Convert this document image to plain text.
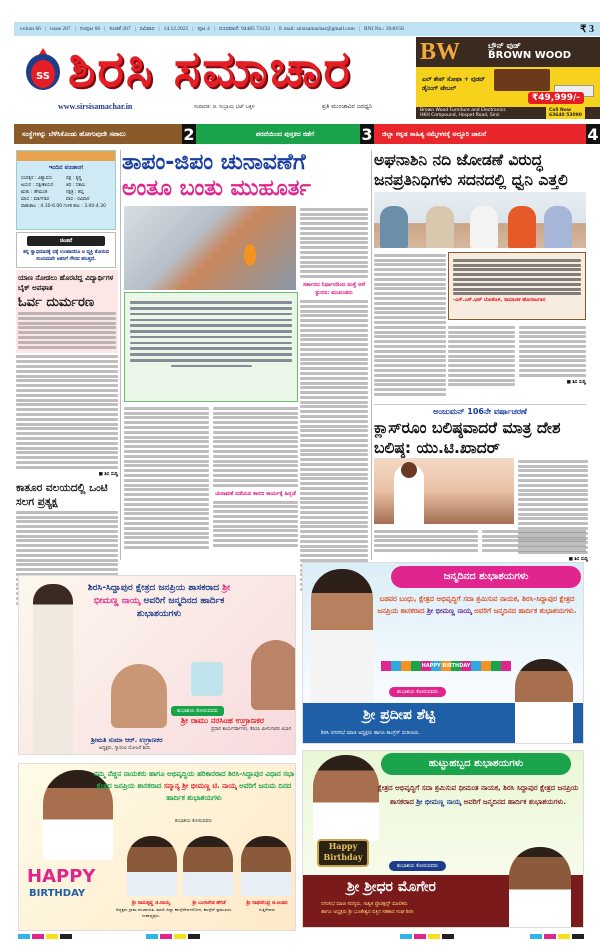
volum 66 | issue 287 | ಸಂಪುಟ 66 | ಸಂಚಿಕೆ 287 | ರವಿವಾರ | 14.12.2025 | ಪುಟ 4 | ದೂರವಾಣಿ: 94485 73133 | E mail: sirsisamachar@gmail.com | RNI No.: 3940/58	₹ 3
SS ಶಿರಸಿ ಸಮಾಚಾರ
www.sirsisamachar.in	ಸಂಪಾದಕ: ಜಿ. ಸುಬ್ರಾಯ ಭಟ್ ಬಕ್ಕಳ	ಪ್ರತಿ ಮುಂಜಾವಿನ ಜನಧ್ವನಿ
BW	ಬ್ರೌನ್ ವುಡ್
BROWN WOOD
ಎಲ್ ಶೇಪ್ ಸೋಫಾ + ವುಡನ್ ಡೈನಿಂಗ್ ಟೇಬಲ್
₹49,999/-
Brown Wood Furniture and Electronics
HKH Compound, Hospet Road, Sirsi
Call Now
63640 53090
ಸಂಸ್ಥೆಗಳನ್ನು ಬೆಳೆಸಿಕೊಂಡು ಹೋಗುವುದೇ ಸವಾಲು	2	ಪರದೆಯಿಂದ ಪುಸ್ತಕದ ಕಡೆಗೆ	3 ಜಿಲ್ಲಾ ಕನ್ನಡ ಸಾಹಿತ್ಯ ಸಮ್ಮೇಳನಕ್ಕೆ ಅದ್ದೂರಿ ಚಾಲನೆ	4
ಇಂದಿನ ಪಂಚಾಂಗ
ಸಂವತ್ಸರ : ವಿಶ್ವಾವಸು	ಪಕ್ಷ : ಕೃಷ್ಣ
ಅಯನ : ದಕ್ಷಿಣಾಯನ	ತಿಥಿ : ದಶಮಿ
ಋತು : ಹೇಮಂತ	ನಕ್ಷತ್ರ : ಹಸ್ತ
ಮಾಸ : ಮಾರ್ಗಶಿರ	ವಾರ : ರವಿವಾರ
ರಾಹುಕಾಲ : 4.30-6.00 ಗುಳಿಕ ಕಾಲ : 3.00-4.30
ಚಿಂತನೆ
ತನ್ನ ಸ್ವಾಭಿಮಾನಕ್ಕೆ ಧಕ್ಕೆ ಉಂಟಾದರೂ ಆ ವ್ಯಕ್ತಿ ತೋರುವ ಸಂಯಮವೇ ಆತನಿಗೆ ಗೌರವ ತರುತ್ತದೆ.
ಯಾಣ ನೋಡಲು ಹೊರಟಿದ್ದ ವಿದ್ಯಾರ್ಥಿಗಳ ಬೈಕ್ ಅಪಘಾತ
ಓರ್ವ ದುರ್ಮರಣ
■ ಶಿಸ ಸುದ್ದಿ
ಕಾತೂರ ವಲಯದಲ್ಲಿ ಒಂಟಿ ಸಲಗ ಪ್ರತ್ಯಕ್ಷ
ತಾಪಂ-ಜಿಪಂ ಚುನಾವಣೆಗೆ
ಅಂತೂ ಬಂತು ಮುಹೂರ್ತ
ಸರ್ಕಾರದ ನಿರ್ಧಾರದಿಂದ ಮತ್ತೆ ಆಸೆ ಸ್ಫುರಣ: ಮುಖಂಡರು
ಚುನಾವಣೆ ನಡೆಯದ ಕಾರಣ ಕಾರ್ಯಕ್ಕೆ ಹಿನ್ನಡೆ
ಅಘನಾಶಿನಿ ನದಿ ಜೋಡಣೆ ವಿರುದ್ಧ ಜನಪ್ರತಿನಿಧಿಗಳು ಸದನದಲ್ಲಿ ಧ್ವನಿ ಎತ್ತಲಿ
-ಎಸ್.ಎಸ್.ಭಟ್ ಲೋಕೊಳಿ, ಸಾಮಾಜಿಕ ಹೋರಾಟಗಾರ
■ ಶಿಸ ಸುದ್ದಿ
ಅಂಜುಮನ್ 106ನೇ ವರ್ಷಾಚರಣೆ
ಕ್ಲಾಸ್‌ರೂಂ ಬಲಿಷ್ಠವಾದರೆ ಮಾತ್ರ ದೇಶ ಬಲಿಷ್ಠ: ಯು.ಟಿ.ಖಾದರ್
■ ಶಿಸ ಸುದ್ದಿ
ಶಿರಸಿ-ಸಿದ್ದಾಪುರ ಕ್ಷೇತ್ರದ ಜನಪ್ರಿಯ ಶಾಸಕರಾದ ಶ್ರೀ ಭೀಮಣ್ಣ ನಾಯ್ಕ ಅವರಿಗೆ ಜನ್ಮದಿನದ ಹಾರ್ದಿಕ ಶುಭಾಶಯಗಳು
ಶುಭಾಶಯ ಕೋರುವವರು
ಶ್ರೀ ರಾಮು ನರಸಿಂಹ ಉಗ್ರಾಣಕರ
ಪ್ರಧಾನ ಕಾರ್ಯದರ್ಶಿಗಳು, ಕೆಪಿಸಿಸಿ ಮೀನುಗಾರರ ವಿಭಾಗ
ಶ್ರೀಮತಿ ಸುಮಾ ಆರ್. ಉಗ್ರಾಣಕರ
ಅಧ್ಯಕ್ಷರು, ಗ್ಯಾರಂಟಿ ಯೋಜನೆ ಶಿರಸಿ
ಜನ್ಮದಿನದ ಶುಭಾಶಯಗಳು
ಬಡವರ ಬಂಧು, ಕ್ಷೇತ್ರದ ಅಭಿವೃದ್ಧಿಗೆ ಸದಾ ಶ್ರಮಿಸುವ ನಾಯಕ, ಶಿರಸಿ-ಸಿದ್ದಾಪುರ ಕ್ಷೇತ್ರದ ಜನಪ್ರಿಯ ಶಾಸಕರಾದ ಶ್ರೀ ಭೀಮಣ್ಣ ನಾಯ್ಕ ಅವರಿಗೆ ಜನ್ಮದಿನದ ಹಾರ್ದಿಕ ಶುಭಾಶಯಗಳು.
HAPPY BIRTHDAY
ಶುಭಾಶಯ ಕೋರುವವರು
ಶ್ರೀ ಪ್ರದೀಪ ಶೆಟ್ಟಿ
ಶಿರಸಿ ನಗರಸಭೆ ಮಾಜಿ ಅಧ್ಯಕ್ಷರು ಹಾಗೂ ಕಾಂಗ್ರೆಸ್ ಧುರೀಣರು.
ನಮ್ಮ ನೆಚ್ಚಿನ ನಾಯಕರು ಹಾಗೂ ಅಭಿವೃದ್ಧಿಯ ಹರಿಕಾರರಾದ ಶಿರಸಿ-ಸಿದ್ದಾಪುರ ವಿಧಾನ ಸಭಾ ಕ್ಷೇತ್ರದ ಜನಪ್ರಿಯ ಶಾಸಕರಾದ ಸನ್ಮಾನ್ಯ ಶ್ರೀ ಭೀಮಣ್ಣ ಟಿ. ನಾಯ್ಕ ಅವರಿಗೆ ಜನುಮ ದಿನದ ಹಾರ್ದಿಕ ಶುಭಾಶಯಗಳು
ಶುಭಾಶಯ ಕೋರುವವರು
HAPPY
BIRTHDAY
ಶ್ರೀ ರಾಮಕೃಷ್ಣ ಜಿ.ನಾಯ್ಕ
ಅಧ್ಯಕ್ಷರು ಗ್ರಾಮ ಪಂಚಾಯತ, ಮಾಜಿ ಜಿಲ್ಲಾ ಕಾಂಗ್ರೆಸ್ ಉಪಾಧ್ಯಕ್ಷರು.
ಶ್ರೀ ಬಂಗಾರೇಶ ಹೆಗಡೆ
ಬಾಳಗೋದ, ಕಾಂಗ್ರೆಸ್ ಪ್ರಮುಖರು.
ಶ್ರೀ ರಾಘವೇಂದ್ರ ಜಿ.ಆಚಾರಿ
ಗುತ್ತಿಗೆದಾರು
ಹುಟ್ಟುಹಬ್ಬದ ಶುಭಾಶಯಗಳು
ಕ್ಷೇತ್ರದ ಅಭಿವೃದ್ಧಿಗೆ ಸದಾ ಶ್ರಮಿಸುವ ಧೀಮಂತ ನಾಯಕ, ಶಿರಸಿ ಸಿದ್ದಾಪುರ ಕ್ಷೇತ್ರದ ಜನಪ್ರಿಯ ಶಾಸಕರಾದ ಶ್ರೀ ಭೀಮಣ್ಣ ನಾಯ್ಕ ಅವರಿಗೆ ಜನ್ಮದಿನದ ಹಾರ್ದಿಕ ಶುಭಾಶಯಗಳು.
Happy
Birthday
ಶುಭಾಶಯ ಕೋರುವವರು
ಶ್ರೀ ಶ್ರೀಧರ ಮೊಗೇರ
ನಗರಸಭೆ ಮಾಜಿ ಸದಸ್ಯರು, ಸಾತ್ವಿಕ ಪ್ರೊಡಕ್ಷನ್ಸ್ ಮಾಲಿಕರು
ಹಾಗೂ ಅಧ್ಯಕ್ಷರು ಶ್ರೀ ಭೂತೇಶ್ವರ ಪತ್ತಿನ ಸಹಕಾರ ಸಂಘ ಶಿರಸಿ
